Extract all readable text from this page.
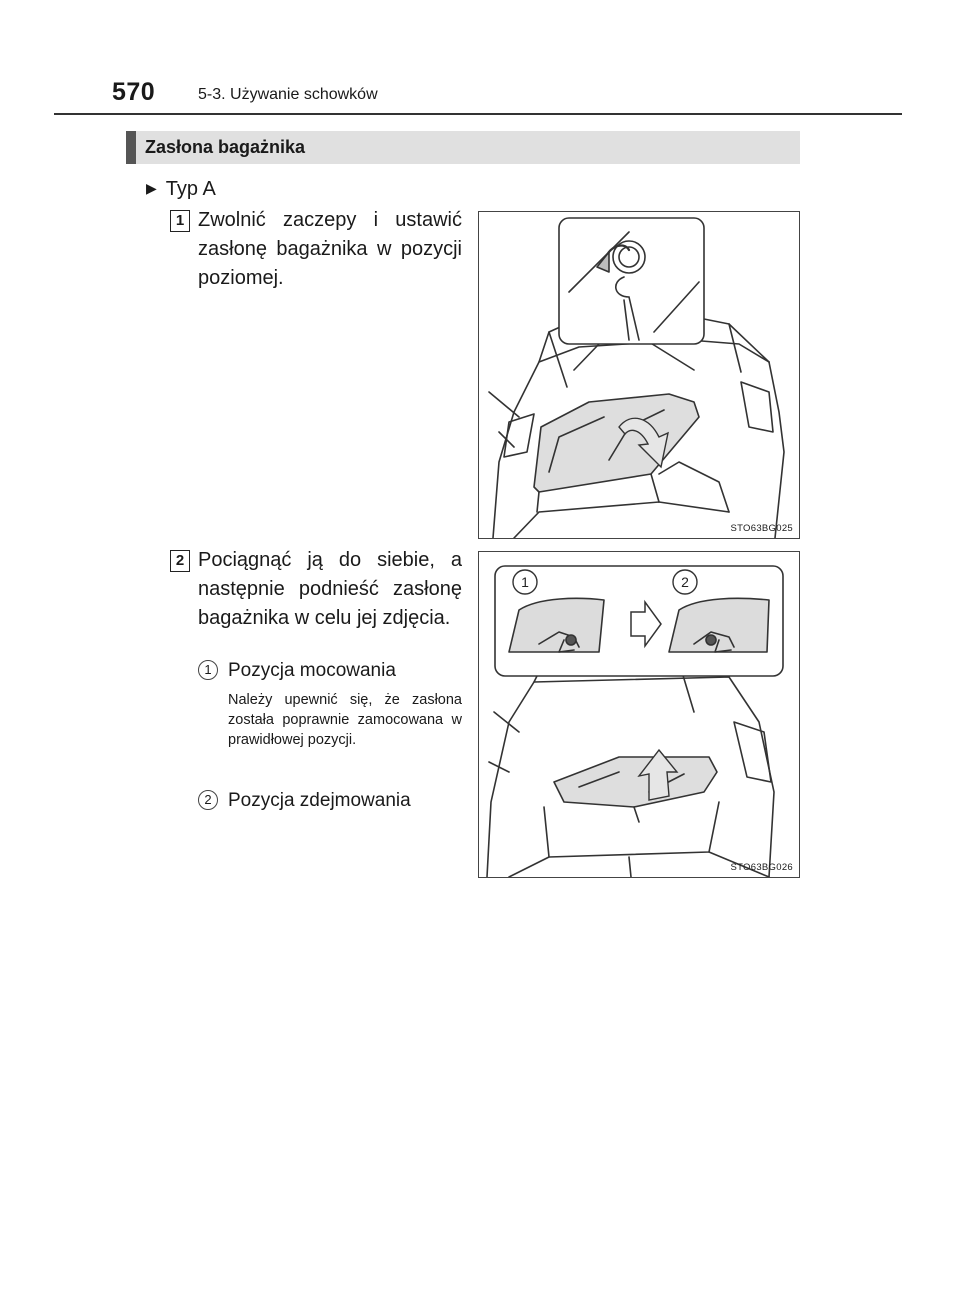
570	5-3. Używanie schowków
Zasłona bagażnika
▶ Typ A
1 Zwolnić zaczepy i ustawić zasłonę bagażnika w pozycji poziomej.
STO63BG025
2 Pociągnąć ją do siebie, a następnie podnieść zasłonę bagażnika w celu jej zdjęcia.
1 Pozycja mocowania
Należy upewnić się, że zasłona została poprawnie zamocowana w prawidłowej pozycji.
2 Pozycja zdejmowania
1	2
STO63BG026
